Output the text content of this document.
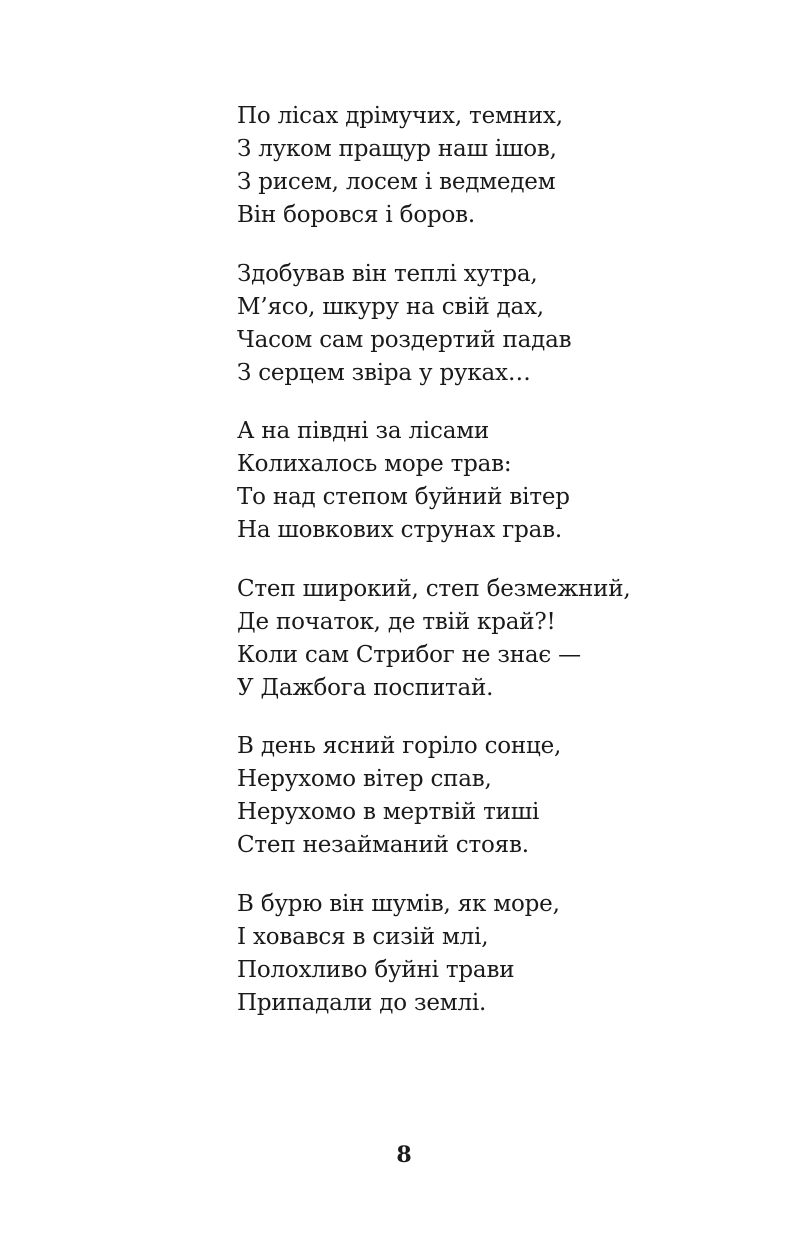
По лісах дрімучих, темних,
З луком пращур наш ішов,
З рисем, лосем і ведмедем
Він боровся і боров.
Здобував він теплі хутра,
М’ясо, шкуру на свій дах,
Часом сам роздертий падав
З серцем звіра у руках…
А на півдні за лісами
Колихалось море трав:
То над степом буйний вітер
На шовкових струнах грав.
Степ широкий, степ безмежний,
Де початок, де твій край?!
Коли сам Стрибог не знає —
У Дажбога поспитай.
В день ясний горіло сонце,
Нерухомо вітер спав,
Нерухомо в мертвій тиші
Степ незайманий стояв.
В бурю він шумів, як море,
І ховався в сизій млі,
Полохливо буйні трави
Припадали до землі.
8
